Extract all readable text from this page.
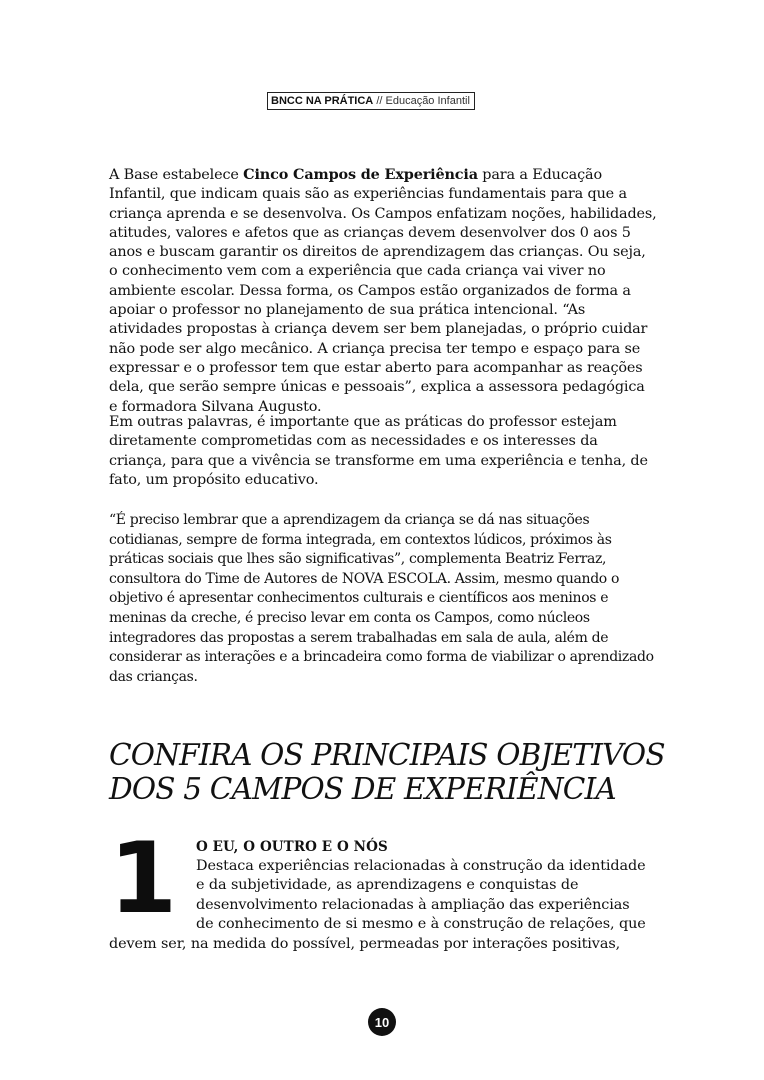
BNCC NA PRÁTICA // Educação Infantil

A Base estabelece Cinco Campos de Experiência para a Educação Infantil, que indicam quais são as experiências fundamentais para que a criança aprenda e se desenvolva. Os Campos enfatizam noções, habilidades, atitudes, valores e afetos que as crianças devem desenvolver dos 0 aos 5 anos e buscam garantir os direitos de aprendizagem das crianças. Ou seja, o conhecimento vem com a experiência que cada criança vai viver no ambiente escolar. Dessa forma, os Campos estão organizados de forma a apoiar o professor no planejamento de sua prática intencional. “As atividades propostas à criança devem ser bem planejadas, o próprio cuidar não pode ser algo mecânico. A criança precisa ter tempo e espaço para se expressar e o professor tem que estar aberto para acompanhar as reações dela, que serão sempre únicas e pessoais”, explica a assessora pedagógica e formadora Silvana Augusto.

Em outras palavras, é importante que as práticas do professor estejam diretamente comprometidas com as necessidades e os interesses da criança, para que a vivência se transforme em uma experiência e tenha, de fato, um propósito educativo.

“É preciso lembrar que a aprendizagem da criança se dá nas situações cotidianas, sempre de forma integrada, em contextos lúdicos, próximos às práticas sociais que lhes são significativas”, complementa Beatriz Ferraz, consultora do Time de Autores de NOVA ESCOLA. Assim, mesmo quando o objetivo é apresentar conhecimentos culturais e científicos aos meninos e meninas da creche, é preciso levar em conta os Campos, como núcleos integradores das propostas a serem trabalhadas em sala de aula, além de considerar as interações e a brincadeira como forma de viabilizar o aprendizado das crianças.

CONFIRA OS PRINCIPAIS OBJETIVOS
DOS 5 CAMPOS DE EXPERIÊNCIA
1 O EU, O OUTRO E O NÓS
Destaca experiências relacionadas à construção da identidade
e da subjetividade, as aprendizagens e conquistas de
desenvolvimento relacionadas à ampliação das experiências
de conhecimento de si mesmo e à construção de relações, que
devem ser, na medida do possível, permeadas por interações positivas,
10
